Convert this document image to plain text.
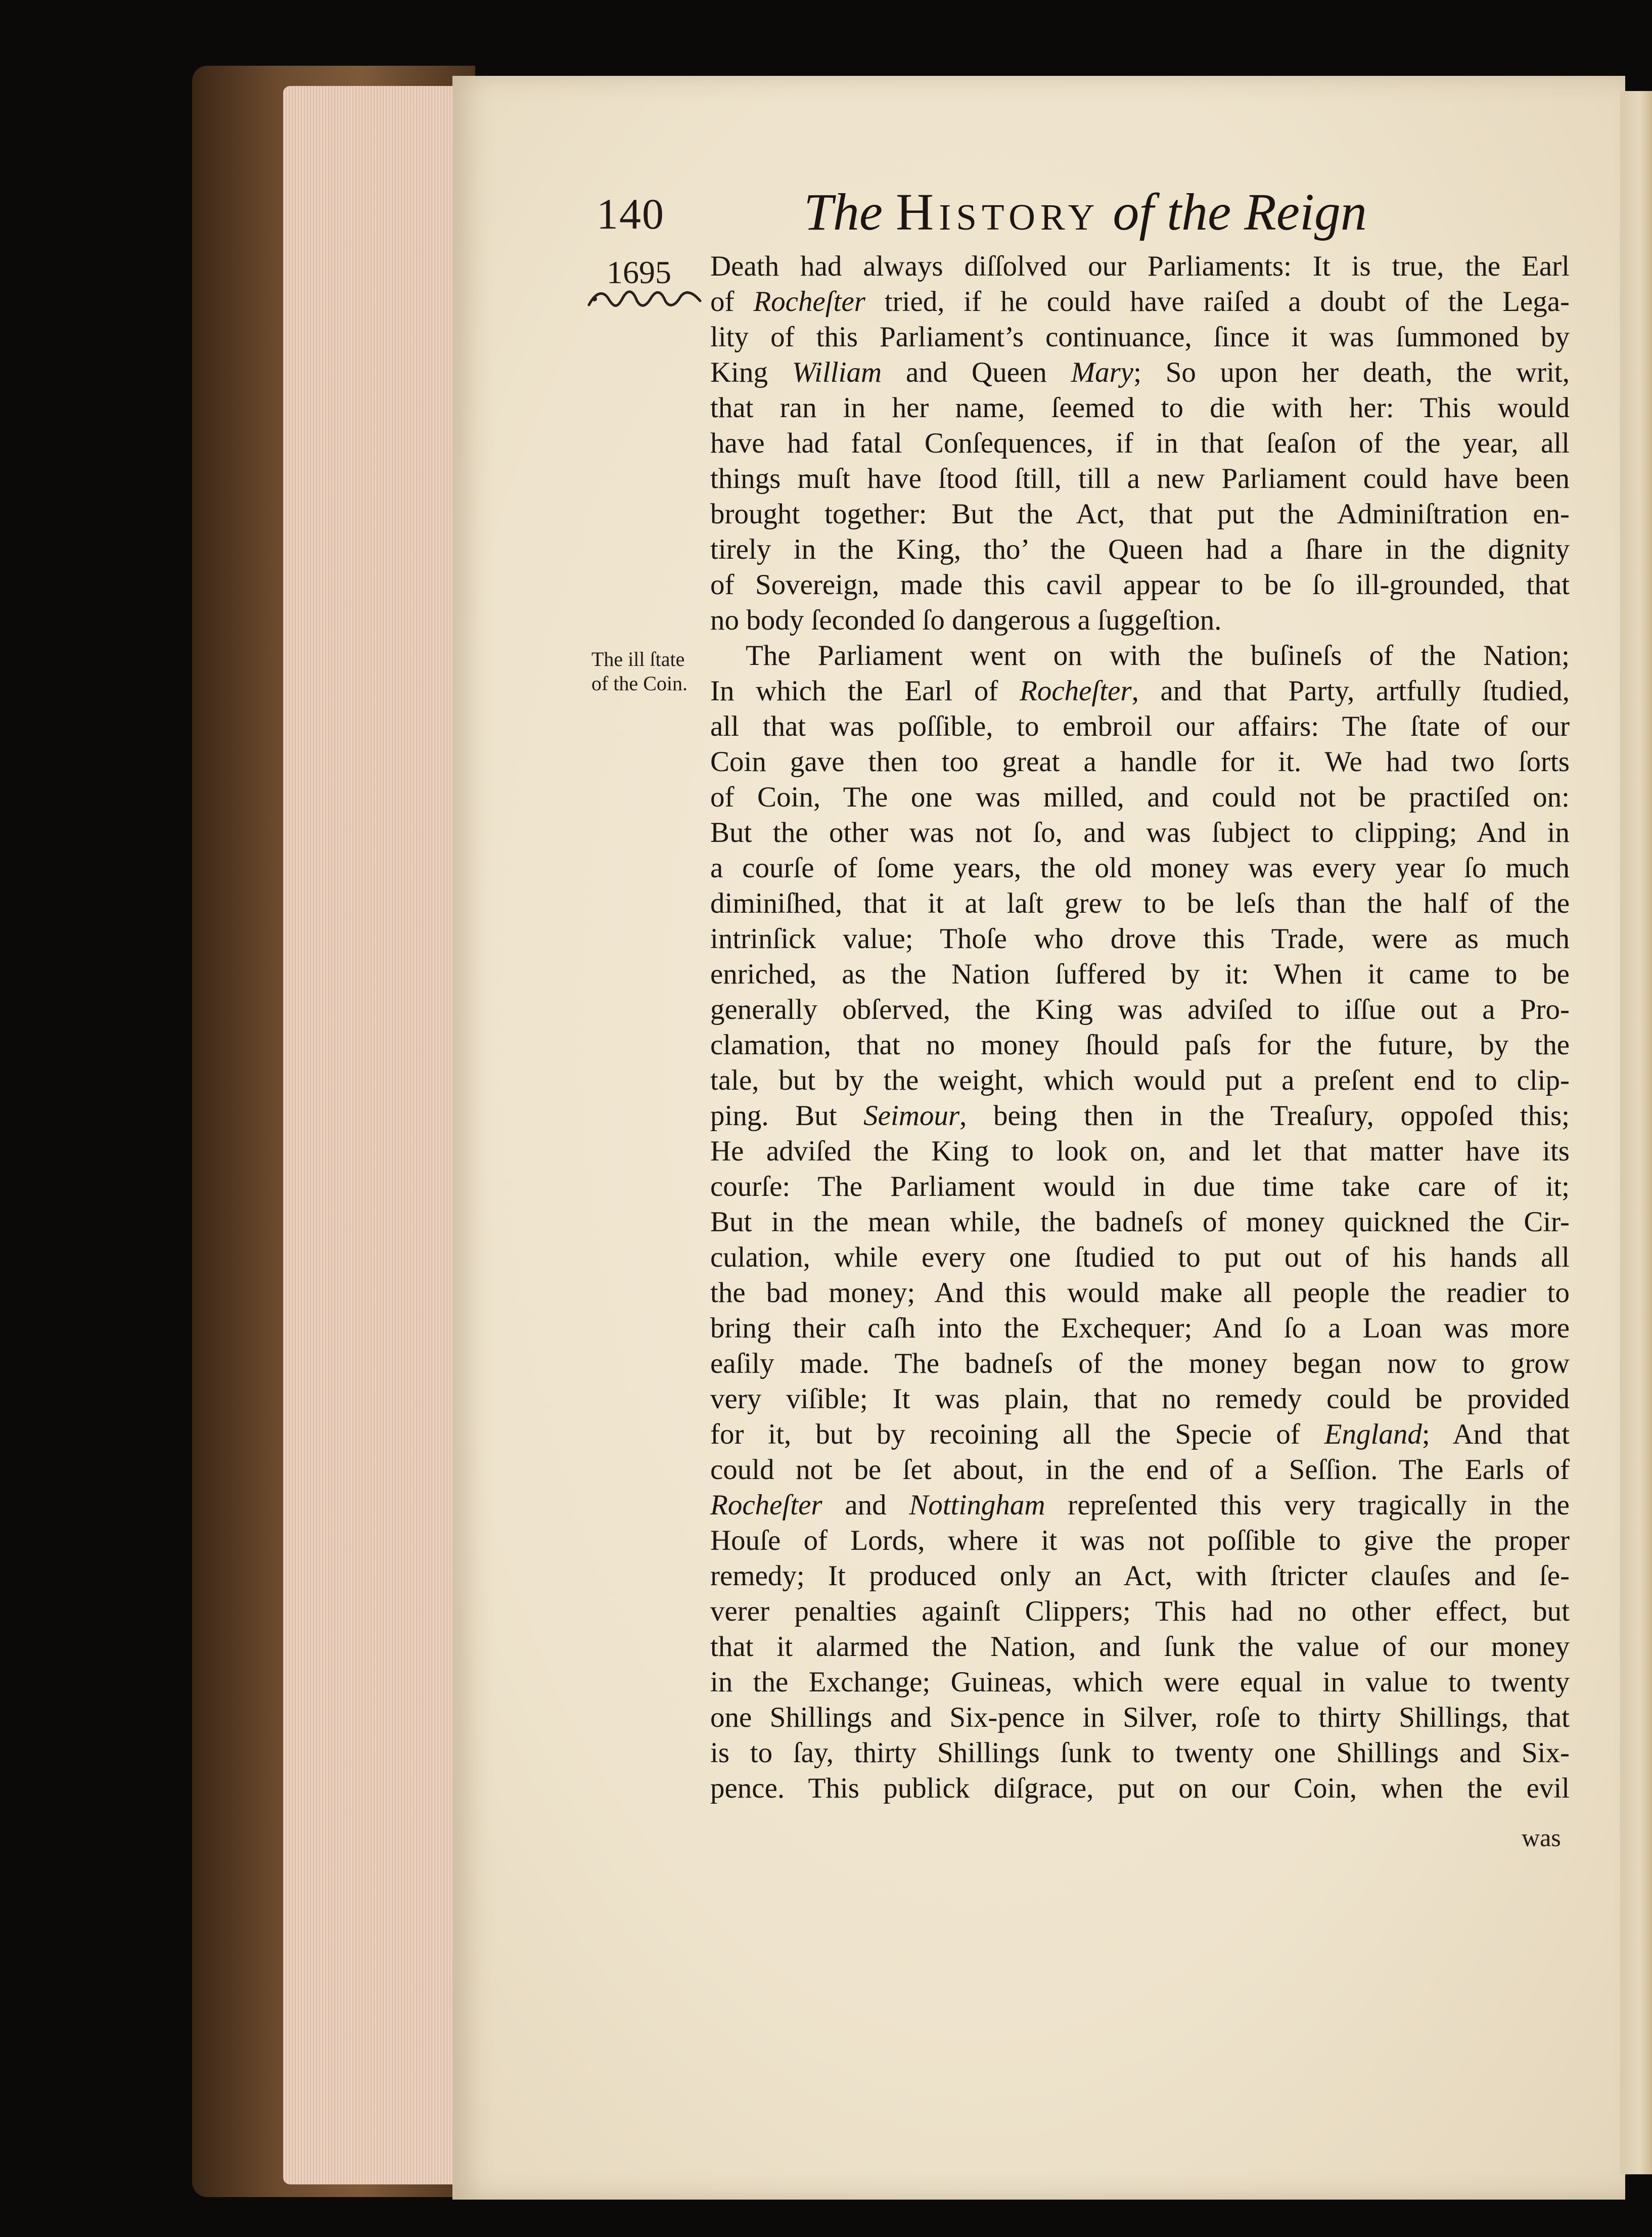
140	The History of the Reign
1695
The ill ſtate
of the Coin.
Death had always diſſolved our Parliaments: It is true, the Earl
of Rocheſter tried, if he could have raiſed a doubt of the Lega-
lity of this Parliament’s continuance, ſince it was ſummoned by
King William and Queen Mary; So upon her death, the writ,
that ran in her name, ſeemed to die with her: This would
have had fatal Conſequences, if in that ſeaſon of the year, all
things muſt have ſtood ſtill, till a new Parliament could have been
brought together: But the Act, that put the Adminiſtration en-
tirely in the King, tho’ the Queen had a ſhare in the dignity
of Sovereign, made this cavil appear to be ſo ill-grounded, that
no body ſeconded ſo dangerous a ſuggeſtion.
The Parliament went on with the buſineſs of the Nation;
In which the Earl of Rocheſter, and that Party, artfully ſtudied,
all that was poſſible, to embroil our affairs: The ſtate of our
Coin gave then too great a handle for it. We had two ſorts
of Coin, The one was milled, and could not be practiſed on:
But the other was not ſo, and was ſubject to clipping; And in
a courſe of ſome years, the old money was every year ſo much
diminiſhed, that it at laſt grew to be leſs than the half of the
intrinſick value; Thoſe who drove this Trade, were as much
enriched, as the Nation ſuffered by it: When it came to be
generally obſerved, the King was adviſed to iſſue out a Pro-
clamation, that no money ſhould paſs for the future, by the
tale, but by the weight, which would put a preſent end to clip-
ping. But Seimour, being then in the Treaſury, oppoſed this;
He adviſed the King to look on, and let that matter have its
courſe: The Parliament would in due time take care of it;
But in the mean while, the badneſs of money quickned the Cir-
culation, while every one ſtudied to put out of his hands all
the bad money; And this would make all people the readier to
bring their caſh into the Exchequer; And ſo a Loan was more
eaſily made. The badneſs of the money began now to grow
very viſible; It was plain, that no remedy could be provided
for it, but by recoining all the Specie of England; And that
could not be ſet about, in the end of a Seſſion. The Earls of
Rocheſter and Nottingham repreſented this very tragically in the
Houſe of Lords, where it was not poſſible to give the proper
remedy; It produced only an Act, with ſtricter clauſes and ſe-
verer penalties againſt Clippers; This had no other effect, but
that it alarmed the Nation, and ſunk the value of our money
in the Exchange; Guineas, which were equal in value to twenty
one Shillings and Six-pence in Silver, roſe to thirty Shillings, that
is to ſay, thirty Shillings ſunk to twenty one Shillings and Six-
pence. This publick diſgrace, put on our Coin, when the evil
was
